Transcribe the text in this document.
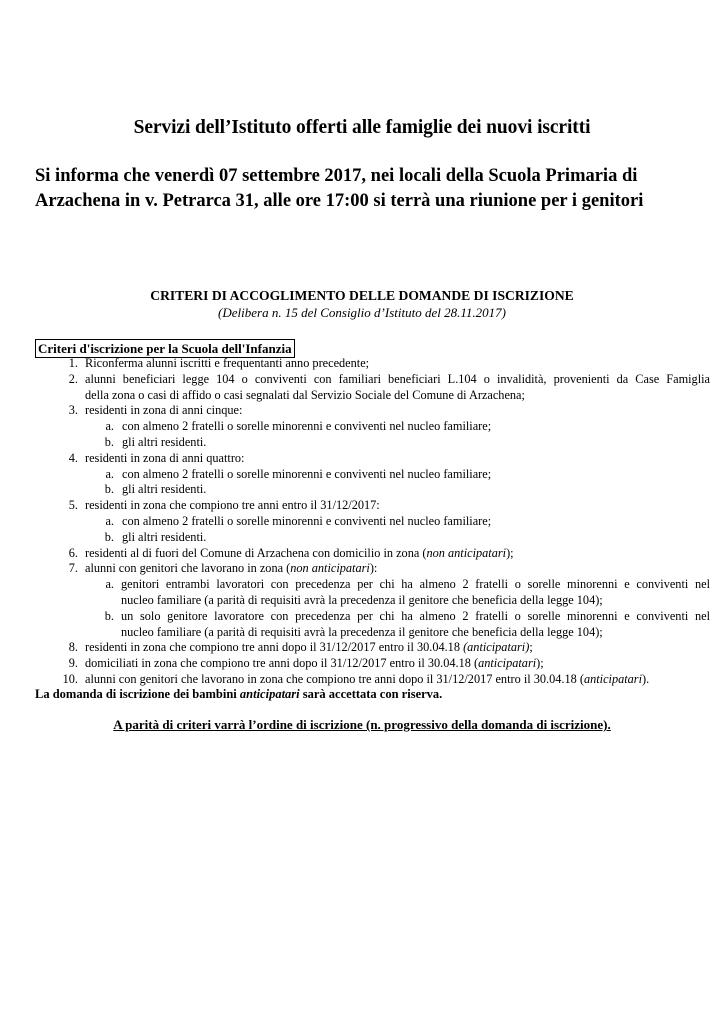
Servizi dell’Istituto offerti alle famiglie dei nuovi iscritti
Si informa che venerdì 07 settembre 2017, nei locali della Scuola Primaria di
Arzachena in v. Petrarca 31, alle ore 17:00 si terrà una riunione per i genitori
CRITERI DI ACCOGLIMENTO DELLE DOMANDE DI ISCRIZIONE
(Delibera n. 15 del Consiglio d’Istituto del 28.11.2017)
Criteri d'iscrizione per la Scuola dell'Infanzia
1. Riconferma alunni iscritti e frequentanti anno precedente;
2. alunni beneficiari legge 104 o conviventi con familiari beneficiari L.104 o invalidità, provenienti da Case Famiglia
della zona o casi di affido o casi segnalati dal Servizio Sociale del Comune di Arzachena;
3. residenti in zona di anni cinque:
a. con almeno 2 fratelli o sorelle minorenni e conviventi nel nucleo familiare;
b. gli altri residenti.
4. residenti in zona di anni quattro:
a. con almeno 2 fratelli o sorelle minorenni e conviventi nel nucleo familiare;
b. gli altri residenti.
5. residenti in zona che compiono tre anni entro il 31/12/2017:
a. con almeno 2 fratelli o sorelle minorenni e conviventi nel nucleo familiare;
b. gli altri residenti.
6. residenti al di fuori del Comune di Arzachena con domicilio in zona (non anticipatari);
7. alunni con genitori che lavorano in zona (non anticipatari):
a. genitori entrambi lavoratori con precedenza per chi ha almeno 2 fratelli o sorelle minorenni e conviventi nel
nucleo familiare (a parità di requisiti avrà la precedenza il genitore che beneficia della legge 104);
b. un solo genitore lavoratore con precedenza per chi ha almeno 2 fratelli o sorelle minorenni e conviventi nel
nucleo familiare (a parità di requisiti avrà la precedenza il genitore che beneficia della legge 104);
8. residenti in zona che compiono tre anni dopo il 31/12/2017 entro il 30.04.18 (anticipatari);
9. domiciliati in zona che compiono tre anni dopo il 31/12/2017 entro il 30.04.18 (anticipatari);
10. alunni con genitori che lavorano in zona che compiono tre anni dopo il 31/12/2017 entro il 30.04.18 (anticipatari).
La domanda di iscrizione dei bambini anticipatari sarà accettata con riserva.
A parità di criteri varrà l’ordine di iscrizione (n. progressivo della domanda di iscrizione).
